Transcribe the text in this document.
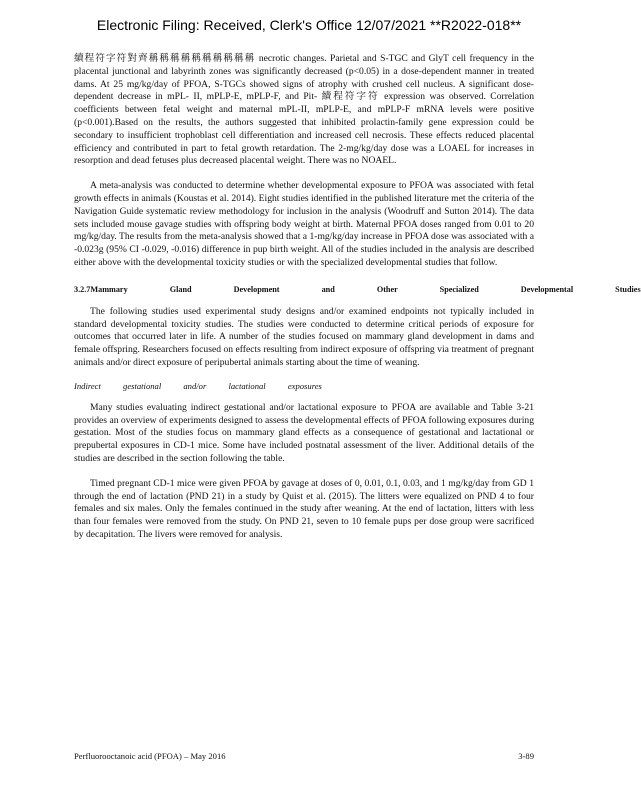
Electronic Filing: Received, Clerk's Office 12/07/2021 **R2022-018**

續程符字符對齊稱稱稱稱稱稱稱稱稱稱 necrotic changes. Parietal and S-TGC and GlyT cell frequency in the placental junctional and labyrinth zones was significantly decreased (p<0.05) in a dose-dependent manner in treated dams. At 25 mg/kg/day of PFOA, S-TGCs showed signs of atrophy with crushed cell nucleus. A significant dose-dependent decrease in mPL- II, mPLP-E, mPLP-F, and Pit- 續程符字符 expression was observed. Correlation coefficients between fetal weight and maternal mPL-II, mPLP-E, and mPLP-F mRNA levels were positive (p<0.001).Based on the results, the authors suggested that inhibited prolactin-family gene expression could be secondary to insufficient trophoblast cell differentiation and increased cell necrosis. These effects reduced placental efficiency and contributed in part to fetal growth retardation. The 2-mg/kg/day dose was a LOAEL for increases in resorption and dead fetuses plus decreased placental weight. There was no NOAEL.

A meta-analysis was conducted to determine whether developmental exposure to PFOA was associated with fetal growth effects in animals (Koustas et al. 2014). Eight studies identified in the published literature met the criteria of the Navigation Guide systematic review methodology for inclusion in the analysis (Woodruff and Sutton 2014). The data sets included mouse gavage studies with offspring body weight at birth. Maternal PFOA doses ranged from 0.01 to 20 mg/kg/day. The results from the meta-analysis showed that a 1-mg/kg/day increase in PFOA dose was associated with a -0.023g (95% CI -0.029, -0.016) difference in pup birth weight. All of the studies included in the analysis are described either above with the developmental toxicity studies or with the specialized developmental studies that follow.

3.2.7 Mammary Gland Development and Other Specialized Developmental Studies

The following studies used experimental study designs and/or examined endpoints not typically included in standard developmental toxicity studies. The studies were conducted to determine critical periods of exposure for outcomes that occurred later in life. A number of the studies focused on mammary gland development in dams and female offspring. Researchers focused on effects resulting from indirect exposure of offspring via treatment of pregnant animals and/or direct exposure of peripubertal animals starting about the time of weaning.

Indirect gestational and/or lactational exposures

Many studies evaluating indirect gestational and/or lactational exposure to PFOA are available and Table 3-21 provides an overview of experiments designed to assess the developmental effects of PFOA following exposures during gestation. Most of the studies focus on mammary gland effects as a consequence of gestational and lactational or prepubertal exposures in CD-1 mice. Some have included postnatal assessment of the liver. Additional details of the studies are described in the section following the table.

Timed pregnant CD-1 mice were given PFOA by gavage at doses of 0, 0.01, 0.1, 0.03, and 1 mg/kg/day from GD 1 through the end of lactation (PND 21) in a study by Quist et al. (2015). The litters were equalized on PND 4 to four females and six males. Only the females continued in the study after weaning. At the end of lactation, litters with less than four females were removed from the study. On PND 21, seven to 10 female pups per dose group were sacrificed by decapitation. The livers were removed for analysis.

Perfluorooctanoic acid (PFOA) – May 2016	3-89
